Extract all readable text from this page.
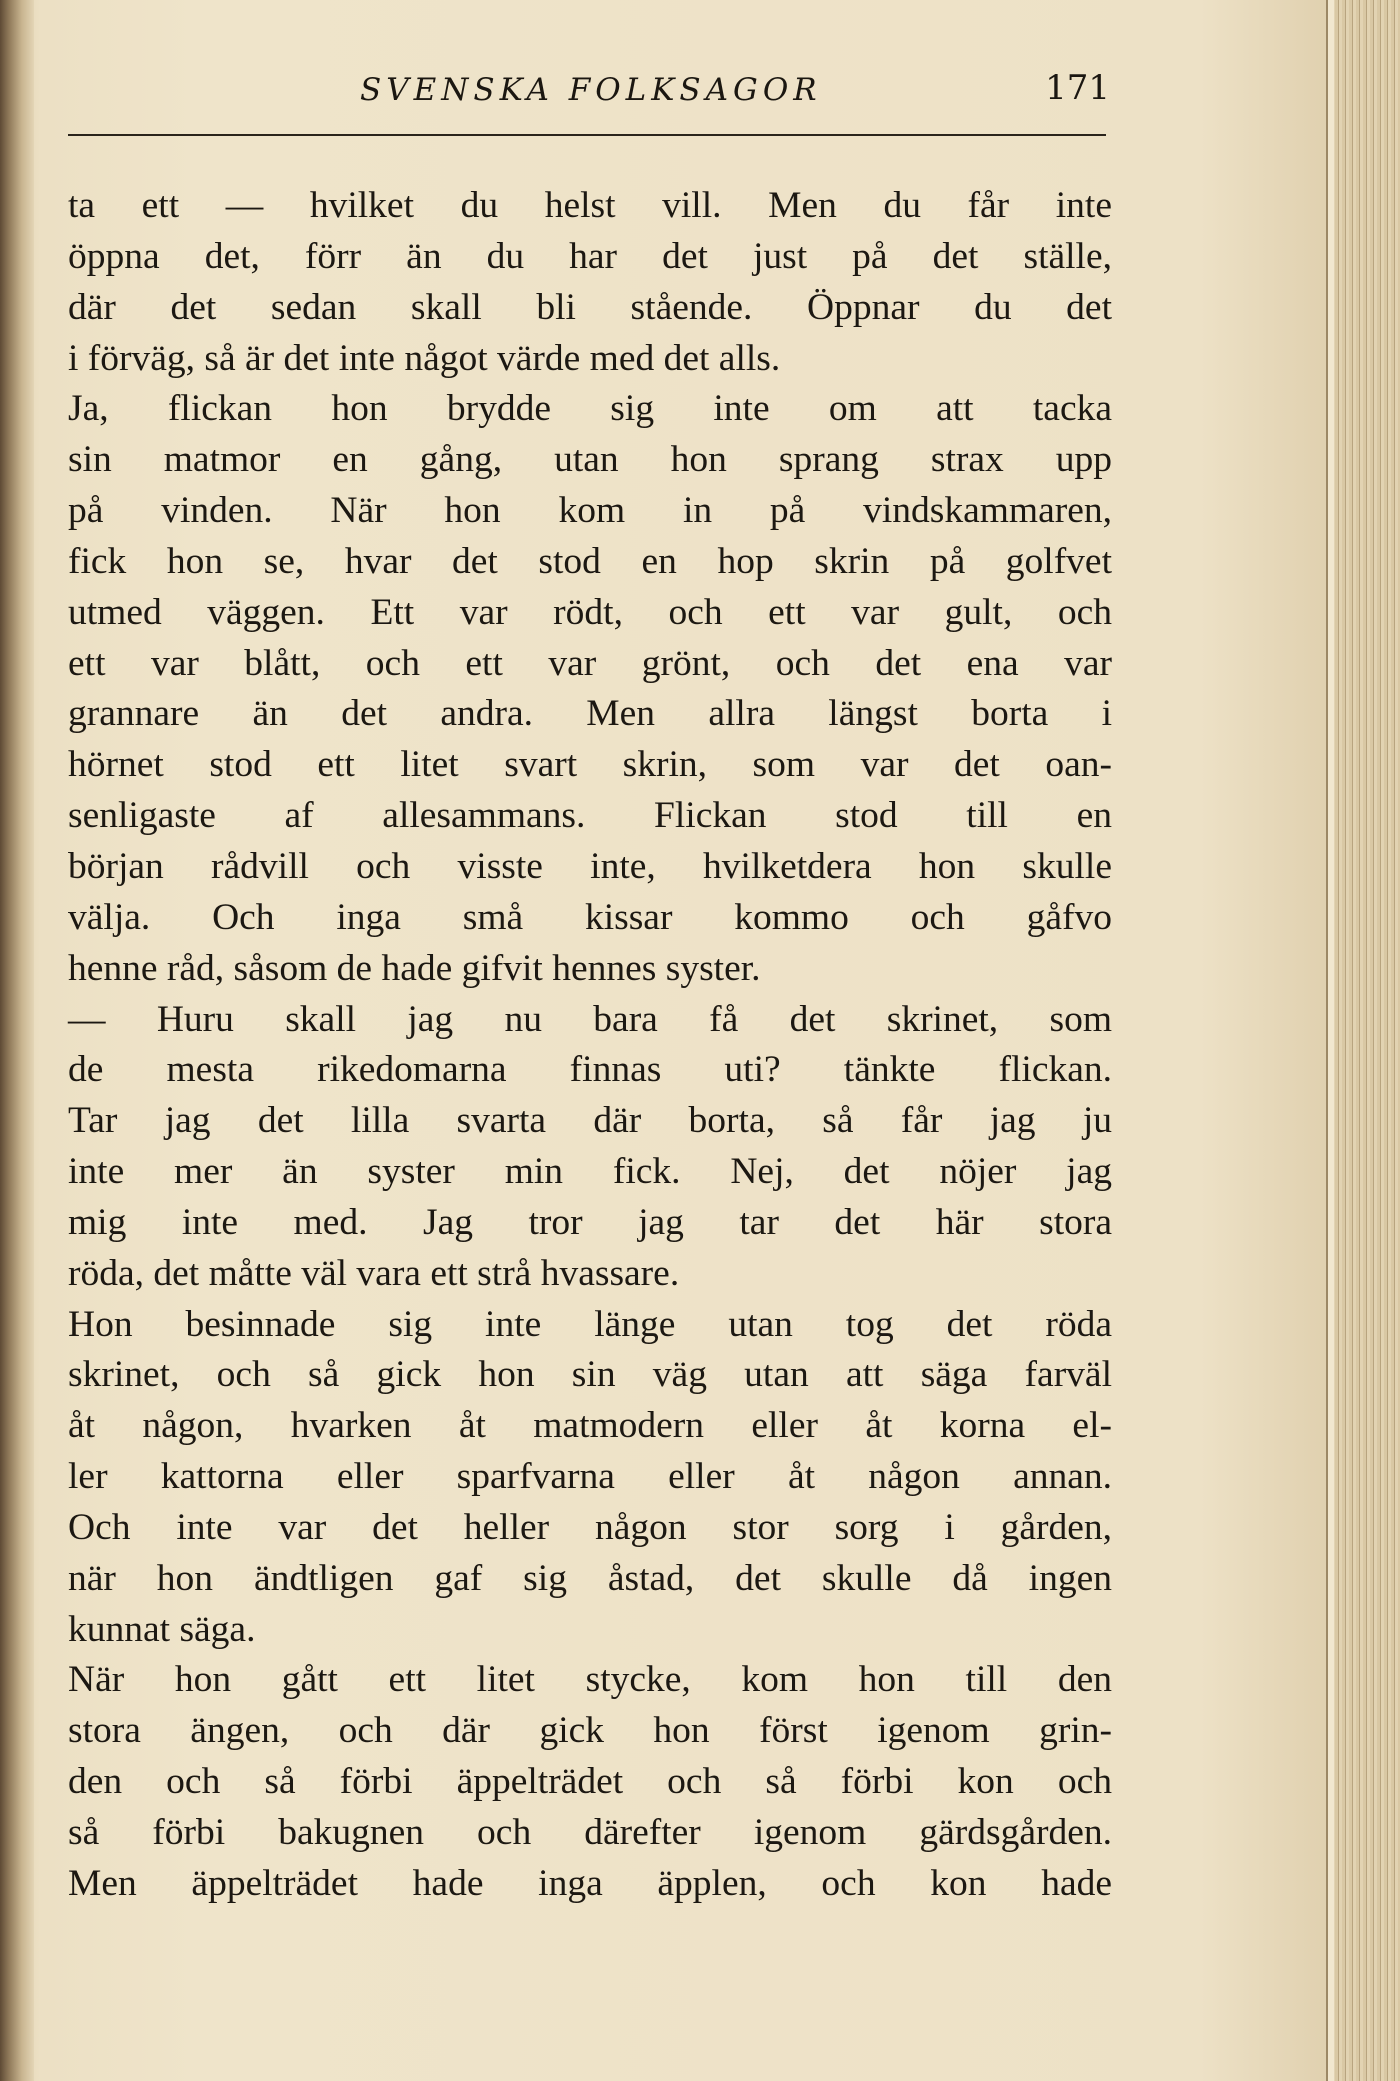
SVENSKA FOLKSAGOR	171
ta ett — hvilket du helst vill. Men du får inte
öppna det, förr än du har det just på det ställe,
där det sedan skall bli stående. Öppnar du det
i förväg, så är det inte något värde med det alls.
Ja, flickan hon brydde sig inte om att tacka
sin matmor en gång, utan hon sprang strax upp
på vinden. När hon kom in på vindskammaren,
fick hon se, hvar det stod en hop skrin på golfvet
utmed väggen. Ett var rödt, och ett var gult, och
ett var blått, och ett var grönt, och det ena var
grannare än det andra. Men allra längst borta i
hörnet stod ett litet svart skrin, som var det oan-
senligaste af allesammans. Flickan stod till en
början rådvill och visste inte, hvilketdera hon skulle
välja. Och inga små kissar kommo och gåfvo
henne råd, såsom de hade gifvit hennes syster.
— Huru skall jag nu bara få det skrinet, som
de mesta rikedomarna finnas uti? tänkte flickan.
Tar jag det lilla svarta där borta, så får jag ju
inte mer än syster min fick. Nej, det nöjer jag
mig inte med. Jag tror jag tar det här stora
röda, det måtte väl vara ett strå hvassare.
Hon besinnade sig inte länge utan tog det röda
skrinet, och så gick hon sin väg utan att säga farväl
åt någon, hvarken åt matmodern eller åt korna el-
ler kattorna eller sparfvarna eller åt någon annan.
Och inte var det heller någon stor sorg i gården,
när hon ändtligen gaf sig åstad, det skulle då ingen
kunnat säga.
När hon gått ett litet stycke, kom hon till den
stora ängen, och där gick hon först igenom grin-
den och så förbi äppelträdet och så förbi kon och
så förbi bakugnen och därefter igenom gärdsgården.
Men äppelträdet hade inga äpplen, och kon hade
